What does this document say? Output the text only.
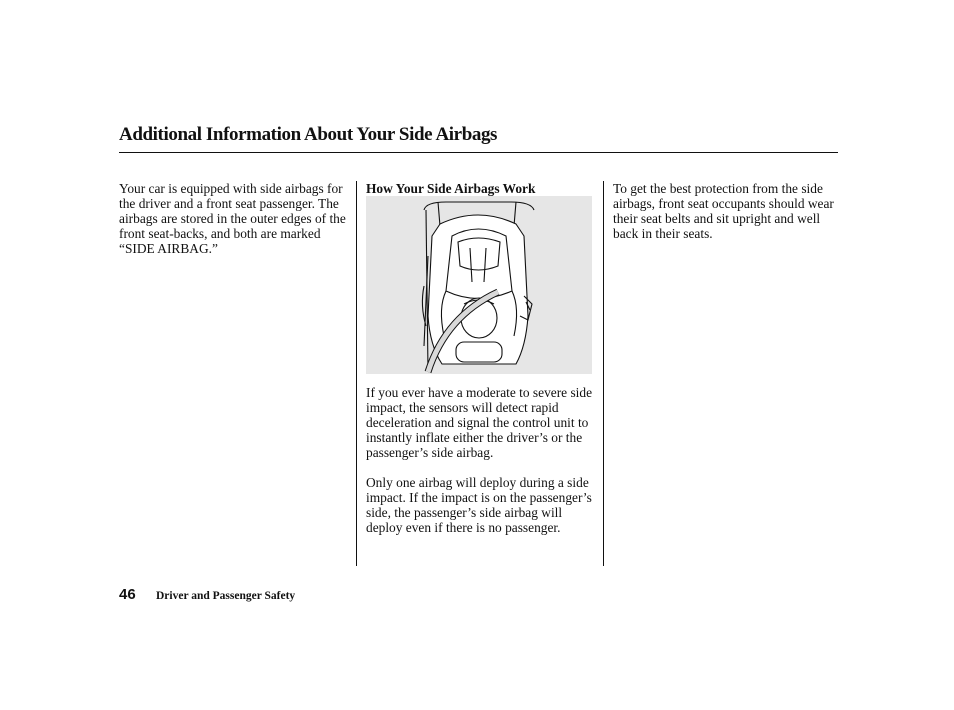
Additional Information About Your Side Airbags

Your car is equipped with side airbags for the driver and a front seat passenger. The airbags are stored in the outer edges of the front seat-backs, and both are marked “SIDE AIRBAG.”

How Your Side Airbags Work

If you ever have a moderate to severe side impact, the sensors will detect rapid deceleration and signal the control unit to instantly inflate either the driver’s or the passenger’s side airbag.

Only one airbag will deploy during a side impact. If the impact is on the passenger’s side, the passenger’s side airbag will deploy even if there is no passenger.

To get the best protection from the side airbags, front seat occupants should wear their seat belts and sit upright and well back in their seats.

46 Driver and Passenger Safety
